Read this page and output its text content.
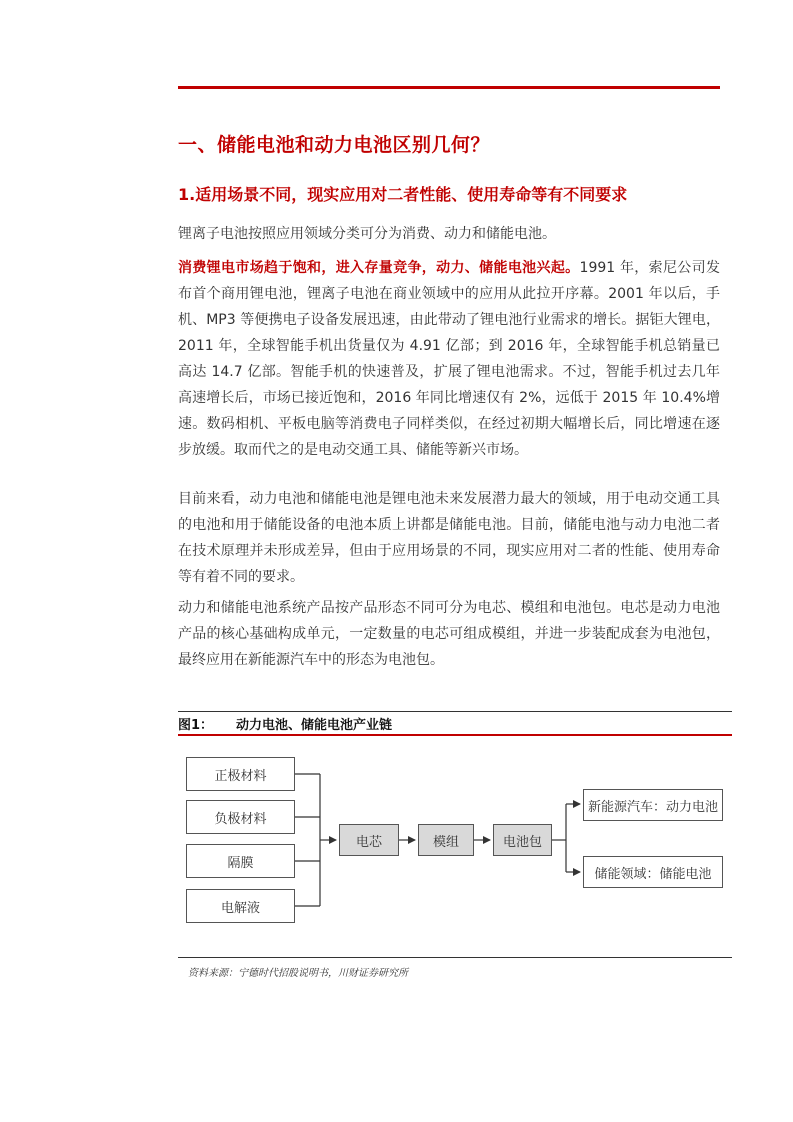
一、储能电池和动力电池区别几何？
1.适用场景不同，现实应用对二者性能、使用寿命等有不同要求
锂离子电池按照应用领域分类可分为消费、动力和储能电池。
消费锂电市场趋于饱和，进入存量竞争，动力、储能电池兴起。1991 年，索尼公司发布首个商用锂电池，锂离子电池在商业领域中的应用从此拉开序幕。2001 年以后，手机、MP3 等便携电子设备发展迅速，由此带动了锂电池行业需求的增长。据钜大锂电，2011 年，全球智能手机出货量仅为 4.91 亿部；到 2016 年，全球智能手机总销量已高达 14.7 亿部。智能手机的快速普及，扩展了锂电池需求。不过，智能手机过去几年高速增长后，市场已接近饱和，2016 年同比增速仅有 2%，远低于 2015 年 10.4%增速。数码相机、平板电脑等消费电子同样类似，在经过初期大幅增长后，同比增速在逐步放缓。取而代之的是电动交通工具、储能等新兴市场。
目前来看，动力电池和储能电池是锂电池未来发展潜力最大的领域，用于电动交通工具的电池和用于储能设备的电池本质上讲都是储能电池。目前，储能电池与动力电池二者在技术原理并未形成差异，但由于应用场景的不同，现实应用对二者的性能、使用寿命等有着不同的要求。
动力和储能电池系统产品按产品形态不同可分为电芯、模组和电池包。电芯是动力电池产品的核心基础构成单元，一定数量的电芯可组成模组，并进一步装配成套为电池包，最终应用在新能源汽车中的形态为电池包。
图1： 动力电池、储能电池产业链
正极材料
负极材料
隔膜
电解液
电芯	模组	电池包
新能源汽车：动力电池
储能领域：储能电池
资料来源：宁德时代招股说明书，川财证券研究所
